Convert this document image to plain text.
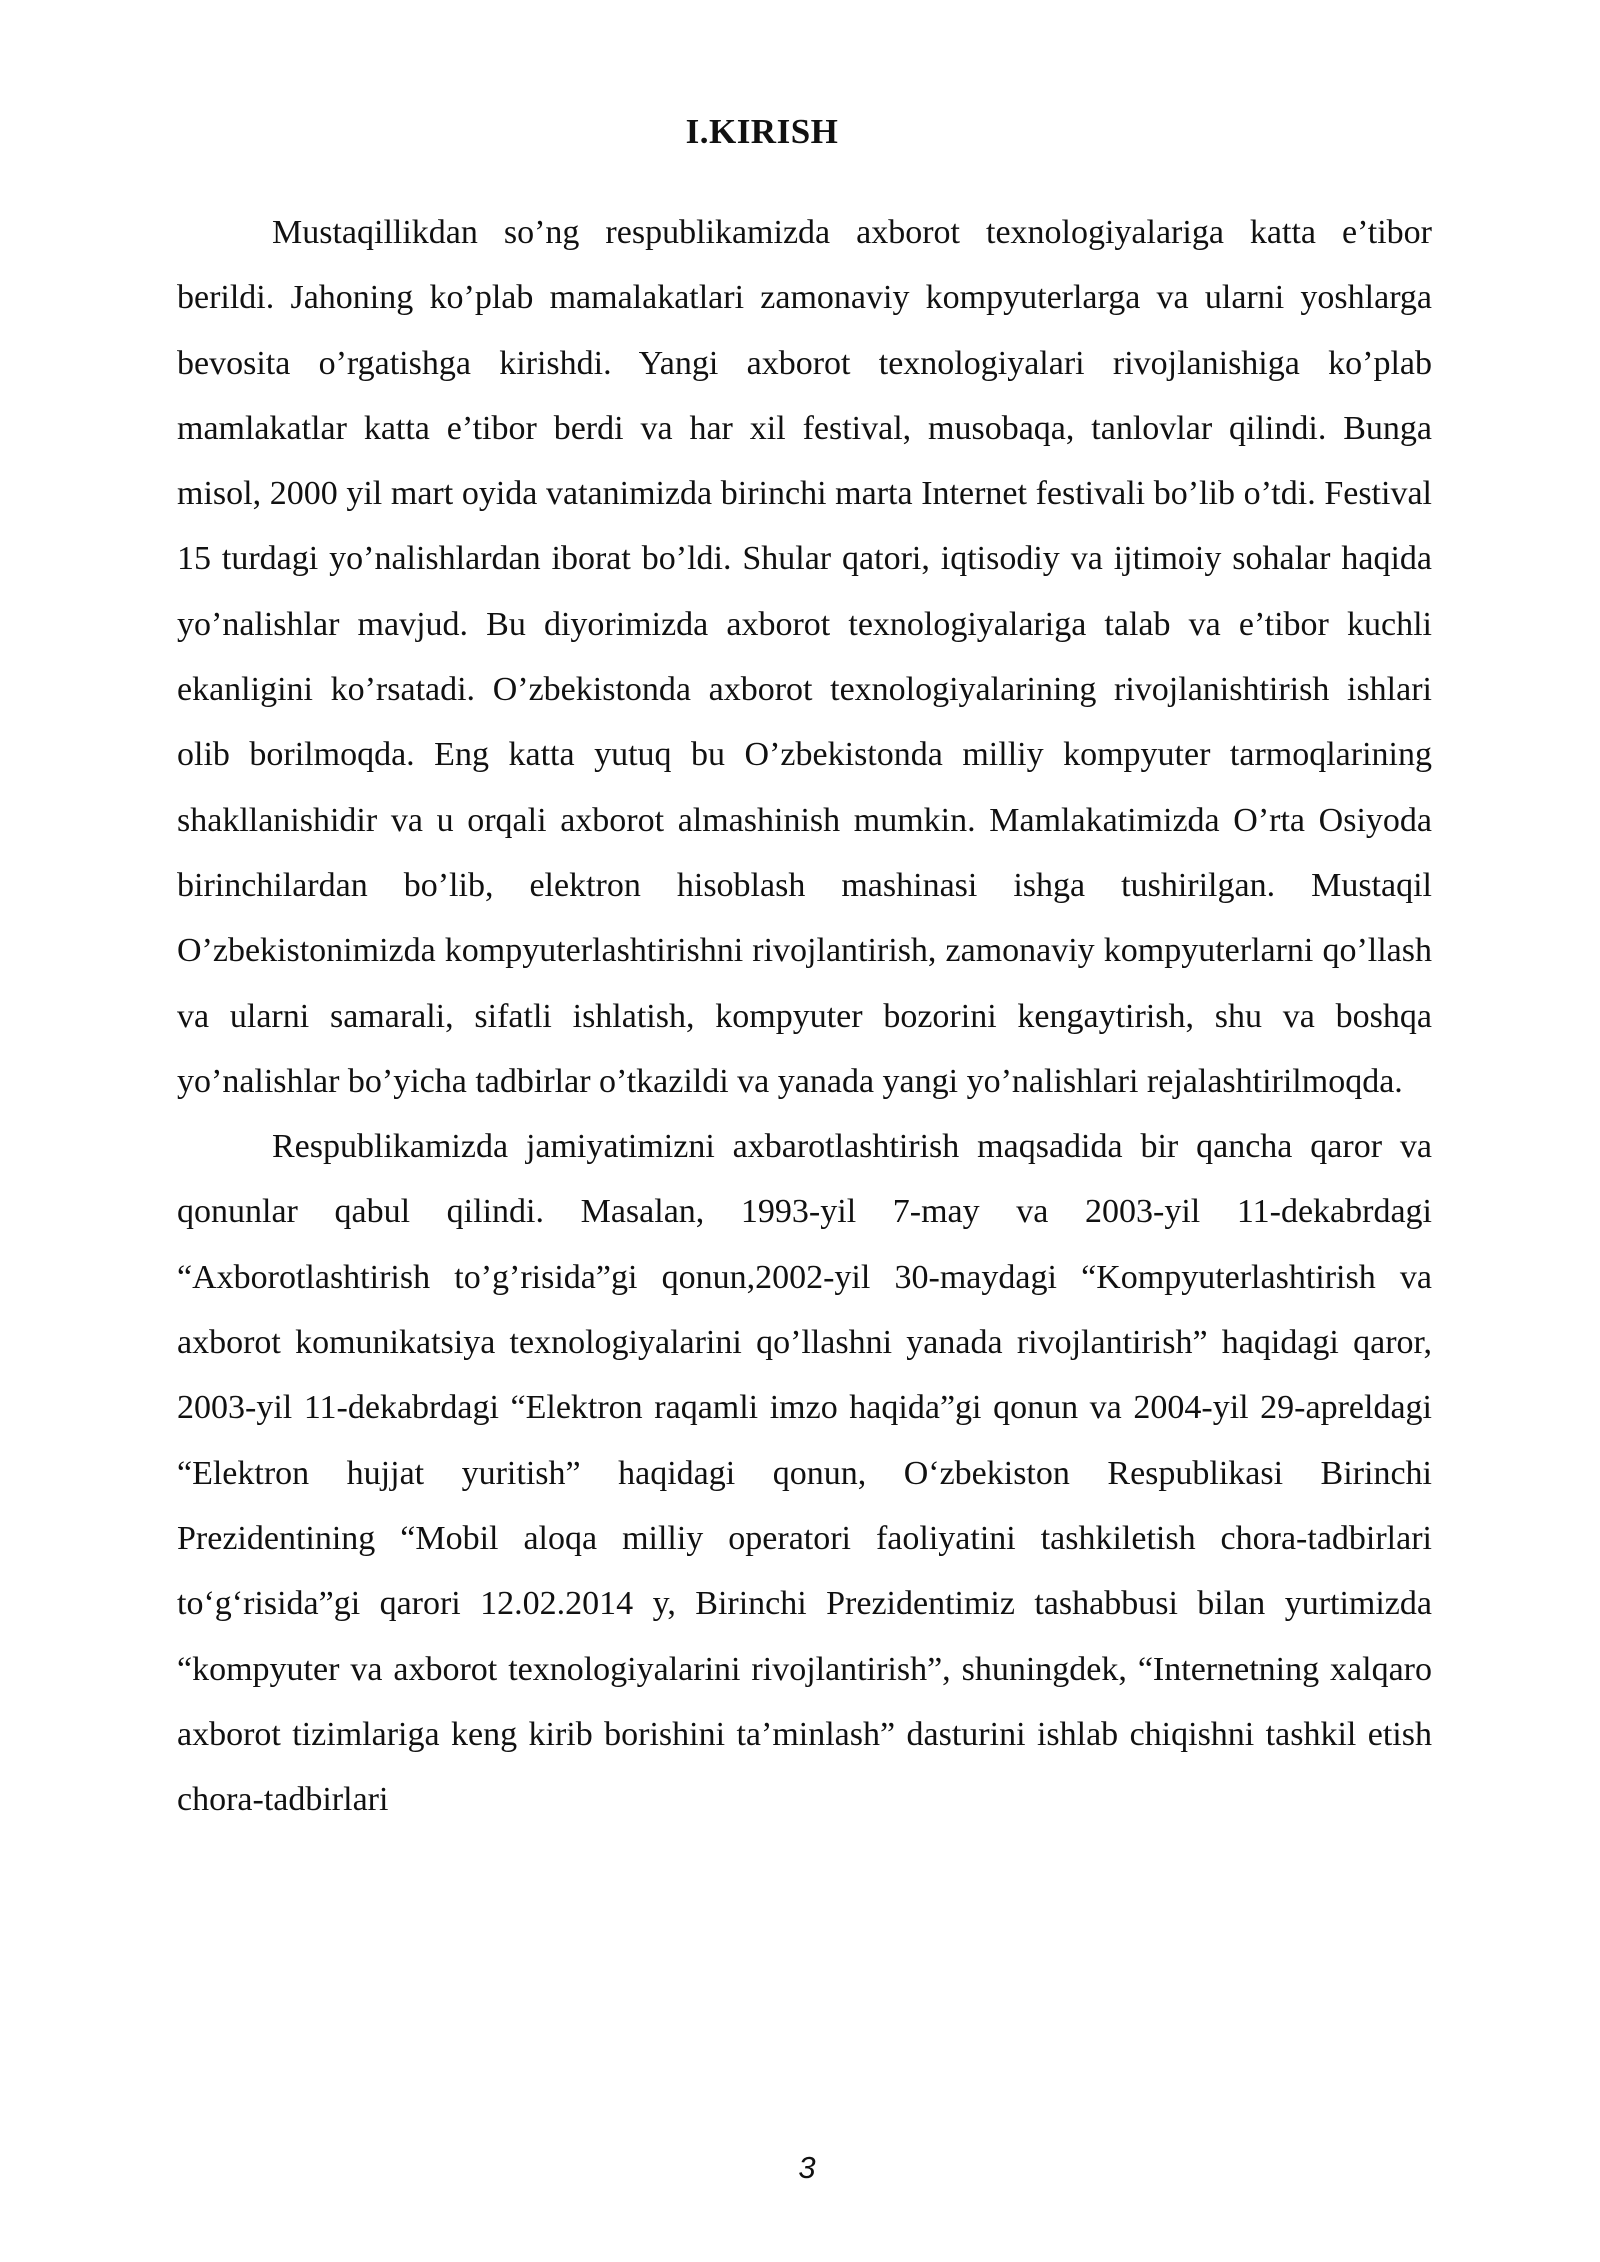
I.KIRISH

Mustaqillikdan so’ng respublikamizda axborot texnologiyalariga katta e’tibor berildi. Jahoning ko’plab mamalakatlari zamonaviy kompyuterlarga va ularni yoshlarga bevosita o’rgatishga kirishdi. Yangi axborot texnologiyalari rivojlanishiga ko’plab mamlakatlar katta e’tibor berdi va har xil festival, musobaqa, tanlovlar qilindi. Bunga misol, 2000 yil mart oyida vatanimizda birinchi marta Internet festivali bo’lib o’tdi. Festival 15 turdagi yo’nalishlardan iborat bo’ldi. Shular qatori, iqtisodiy va ijtimoiy sohalar haqida yo’nalishlar mavjud. Bu diyorimizda axborot texnologiyalariga talab va e’tibor kuchli ekanligini ko’rsatadi. O’zbekistonda axborot texnologiyalarining rivojlanishtirish ishlari olib borilmoqda. Eng katta yutuq bu O’zbekistonda milliy kompyuter tarmoqlarining shakllanishidir va u orqali axborot almashinish mumkin. Mamlakatimizda O’rta Osiyoda birinchilardan bo’lib, elektron hisoblash mashinasi ishga tushirilgan. Mustaqil O’zbekistonimizda kompyuterlashtirishni rivojlantirish, zamonaviy kompyuterlarni qo’llash va ularni samarali, sifatli ishlatish, kompyuter bozorini kengaytirish, shu va boshqa yo’nalishlar bo’yicha tadbirlar o’tkazildi va yanada yangi yo’nalishlari rejalashtirilmoqda.

Respublikamizda jamiyatimizni axbarotlashtirish maqsadida bir qancha qaror va qonunlar qabul qilindi. Masalan, 1993-yil 7-may va 2003-yil 11-dekabrdagi “Axborotlashtirish to’g’risida”gi qonun,2002-yil 30-maydagi “Kompyuterlashtirish va axborot komunikatsiya texnologiyalarini qo’llashni yanada rivojlantirish” haqidagi qaror, 2003-yil 11-dekabrdagi “Elektron raqamli imzo haqida”gi qonun va 2004-yil 29-apreldagi “Elektron hujjat yuritish” haqidagi qonun, O‘zbekiston Respublikasi Birinchi Prezidentining “Mobil aloqa milliy operatori faoliyatini tashkiletish chora-tadbirlari to‘g‘risida”gi qarori 12.02.2014 y, Birinchi Prezidentimiz tashabbusi bilan yurtimizda “kompyuter va axborot texnologiyalarini rivojlantirish”, shuningdek, “Internetning xalqaro axborot tizimlariga keng kirib borishini ta’minlash” dasturini ishlab chiqishni tashkil etish chora-tadbirlari

3
